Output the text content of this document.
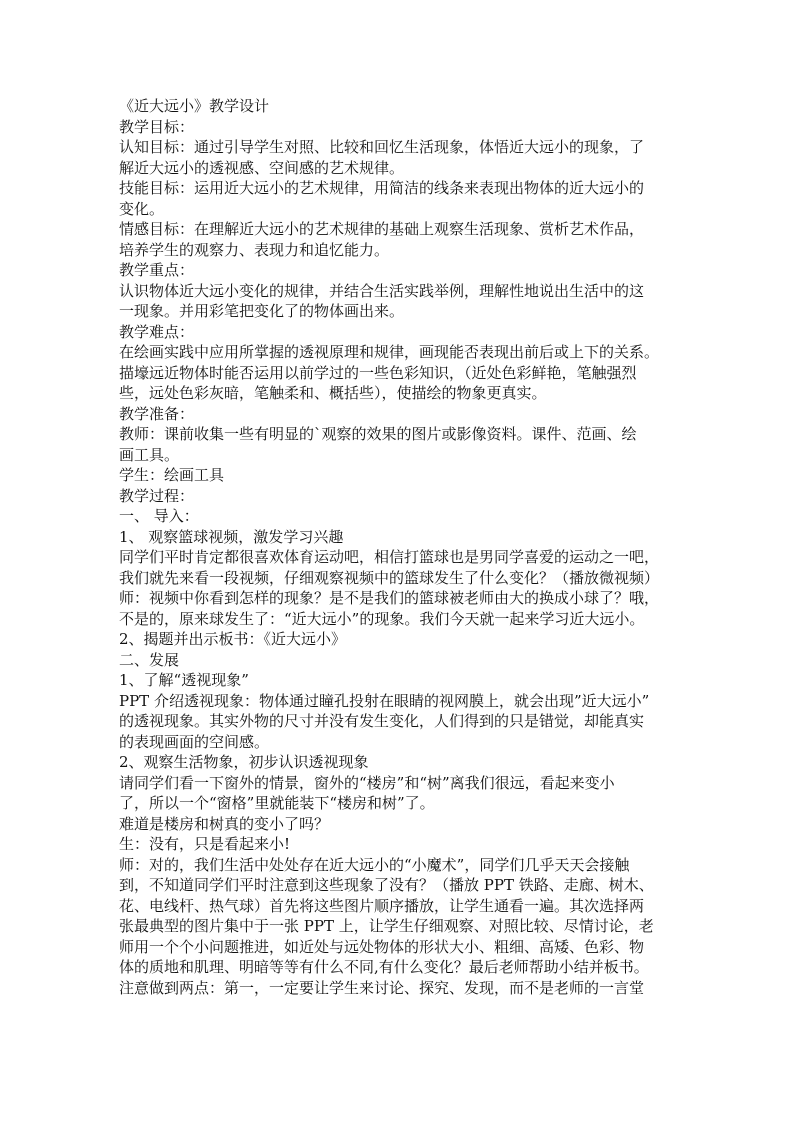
《近大远小》教学设计
教学目标：
认知目标：通过引导学生对照、比较和回忆生活现象，体悟近大远小的现象，了
解近大远小的透视感、空间感的艺术规律。
技能目标：运用近大远小的艺术规律，用简洁的线条来表现出物体的近大远小的
变化。
情感目标：在理解近大远小的艺术规律的基础上观察生活现象、赏析艺术作品，
培养学生的观察力、表现力和追忆能力。
教学重点：
认识物体近大远小变化的规律，并结合生活实践举例，理解性地说出生活中的这
一现象。并用彩笔把变化了的物体画出来。
教学难点：
在绘画实践中应用所掌握的透视原理和规律，画现能否表现出前后或上下的关系。
描壕远近物体时能否运用以前学过的一些色彩知识，（近处色彩鲜艳，笔触强烈
些，远处色彩灰暗，笔触柔和、概括些），使描绘的物象更真实。
教学准备：
教师：课前收集一些有明显的`观察的效果的图片或影像资料。课件、范画、绘
画工具。
学生：绘画工具
教学过程：
一、 导入：
1、 观察篮球视频，激发学习兴趣
同学们平时肯定都很喜欢体育运动吧，相信打篮球也是男同学喜爱的运动之一吧，
我们就先来看一段视频，仔细观察视频中的篮球发生了什么变化？（播放微视频）
师：视频中你看到怎样的现象？是不是我们的篮球被老师由大的换成小球了？哦，
不是的，原来球发生了：“近大远小”的现象。我们今天就一起来学习近大远小。
2、揭题并出示板书：《近大远小》
二、发展
1、了解“透视现象”
PPT 介绍透视现象：物体通过瞳孔投射在眼睛的视网膜上，就会出现”近大远小”
的透视现象。其实外物的尺寸并没有发生变化，人们得到的只是错觉，却能真实
的表现画面的空间感。
2、观察生活物象，初步认识透视现象
请同学们看一下窗外的情景，窗外的“楼房”和“树”离我们很远，看起来变小
了，所以一个“窗格”里就能装下“楼房和树”了。
难道是楼房和树真的变小了吗？
生：没有，只是看起来小!
师：对的，我们生活中处处存在近大远小的“小魔术”，同学们几乎天天会接触
到，不知道同学们平时注意到这些现象了没有？（播放 PPT 铁路、走廊、树木、
花、电线杆、热气球）首先将这些图片顺序播放，让学生通看一遍。其次选择两
张最典型的图片集中于一张 PPT 上，让学生仔细观察、对照比较、尽情讨论，老
师用一个个小问题推进，如近处与远处物体的形状大小、粗细、高矮、色彩、物
体的质地和肌理、明暗等等有什么不同,有什么变化？最后老师帮助小结并板书。
注意做到两点：第一，一定要让学生来讨论、探究、发现，而不是老师的一言堂
